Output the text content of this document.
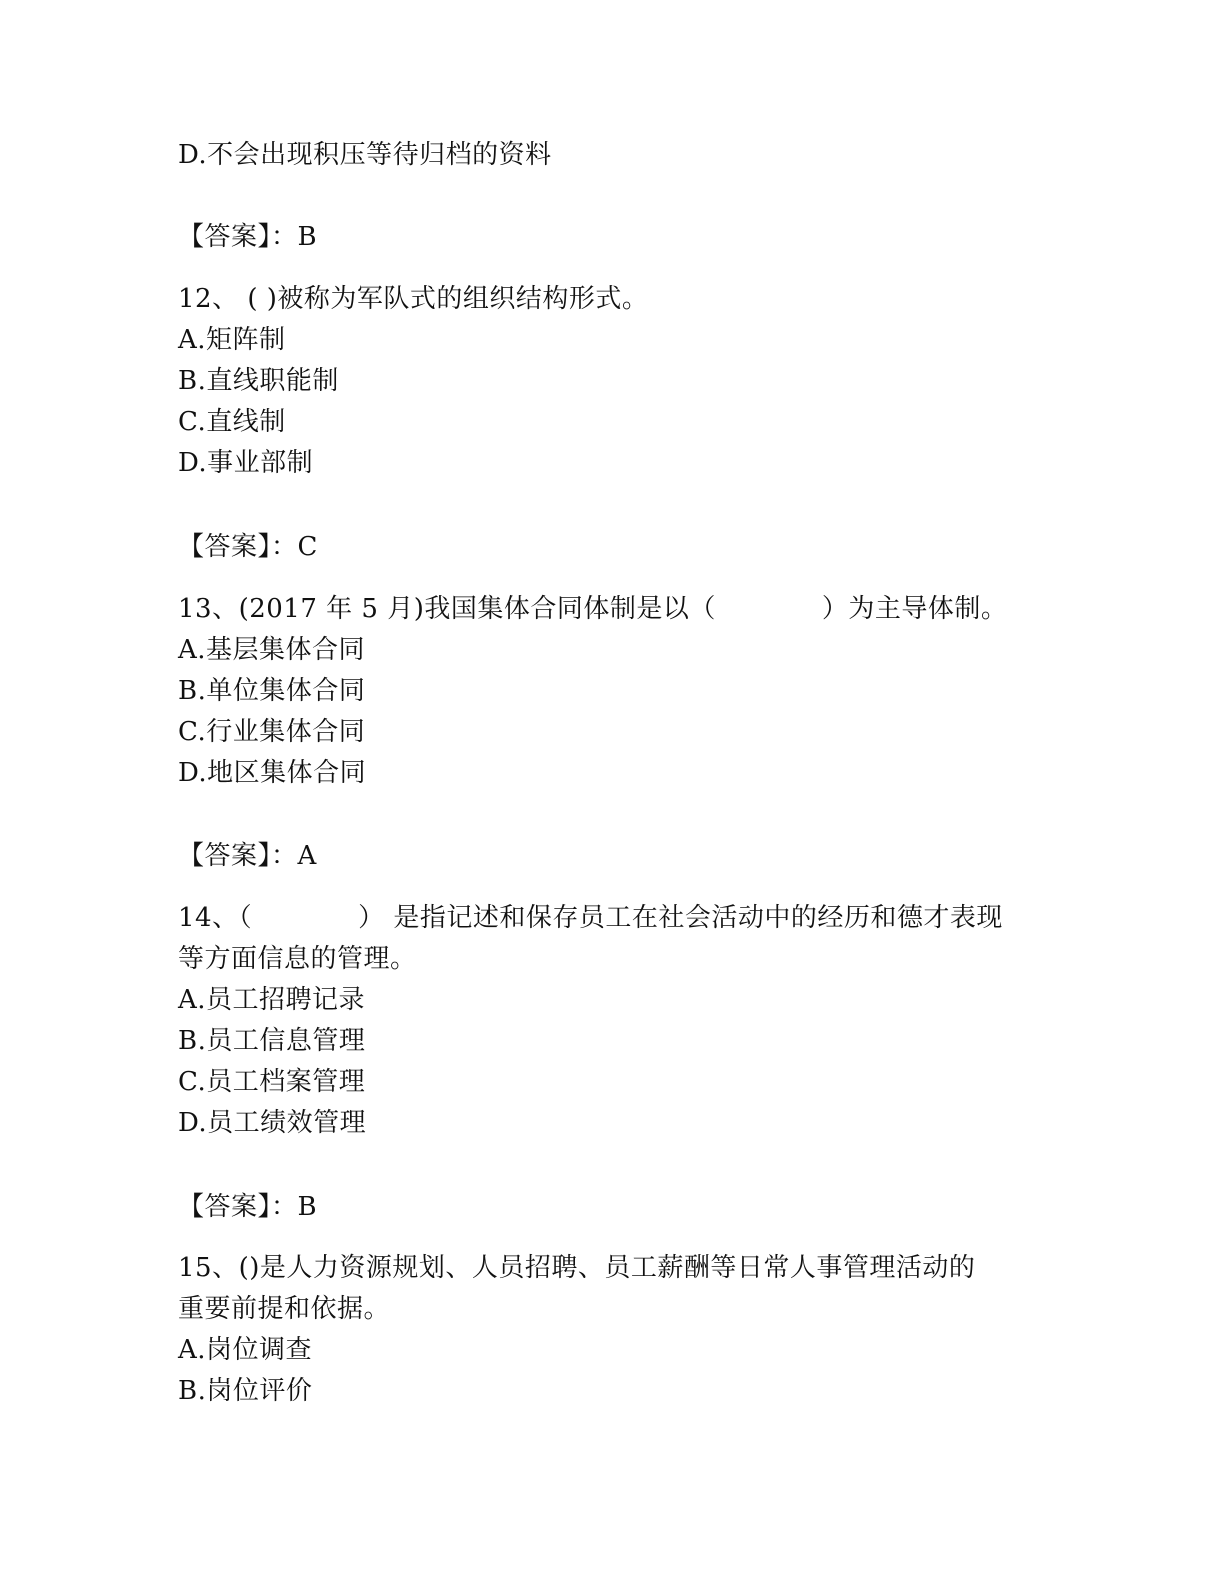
D.不会出现积压等待归档的资料
【答案】：B
12、 ( )被称为军队式的组织结构形式。
A.矩阵制
B.直线职能制
C.直线制
D.事业部制
【答案】：C
13、(2017 年 5 月)我国集体合同体制是以（　　　　）为主导体制。
A.基层集体合同
B.单位集体合同
C.行业集体合同
D.地区集体合同
【答案】：A
14、（　　　　） 是指记述和保存员工在社会活动中的经历和德才表现
等方面信息的管理。
A.员工招聘记录
B.员工信息管理
C.员工档案管理
D.员工绩效管理
【答案】：B
15、()是人力资源规划、人员招聘、员工薪酬等日常人事管理活动的
重要前提和依据。
A.岗位调查
B.岗位评价
